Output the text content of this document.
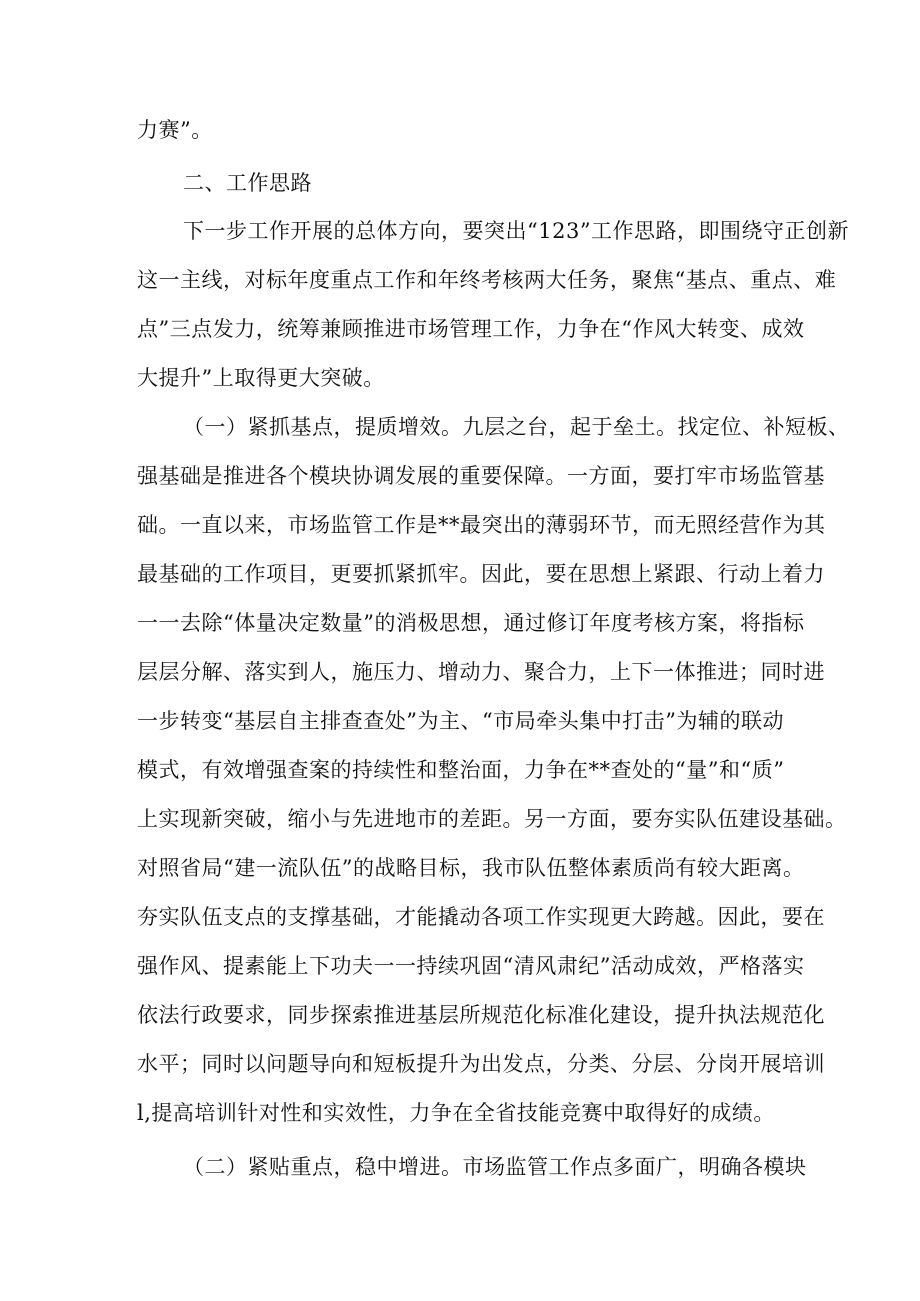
力赛”。
二、工作思路
下一步工作开展的总体方向，要突出“123”工作思路，即围绕守正创新
这一主线，对标年度重点工作和年终考核两大任务，聚焦“基点、重点、难
点”三点发力，统筹兼顾推进市场管理工作，力争在“作风大转变、成效
大提升”上取得更大突破。
（一）紧抓基点，提质增效。九层之台，起于垒土。找定位、补短板、
强基础是推进各个模块协调发展的重要保障。一方面，要打牢市场监管基
础。一直以来，市场监管工作是**最突出的薄弱环节，而无照经营作为其
最基础的工作项目，更要抓紧抓牢。因此，要在思想上紧跟、行动上着力
一一去除“体量决定数量”的消极思想，通过修订年度考核方案，将指标
层层分解、落实到人，施压力、增动力、聚合力，上下一体推进；同时进
一步转变“基层自主排查查处”为主、“市局牵头集中打击”为辅的联动
模式，有效增强查案的持续性和整治面，力争在**查处的“量”和“质”
上实现新突破，缩小与先进地市的差距。另一方面，要夯实队伍建设基础。
对照省局“建一流队伍”的战略目标，我市队伍整体素质尚有较大距离。
夯实队伍支点的支撑基础，才能撬动各项工作实现更大跨越。因此，要在
强作风、提素能上下功夫一一持续巩固“清风肃纪”活动成效，严格落实
依法行政要求，同步探索推进基层所规范化标准化建设，提升执法规范化
水平；同时以问题导向和短板提升为出发点，分类、分层、分岗开展培训
l,提高培训针对性和实效性，力争在全省技能竞赛中取得好的成绩。
（二）紧贴重点，稳中增进。市场监管工作点多面广，明确各模块
